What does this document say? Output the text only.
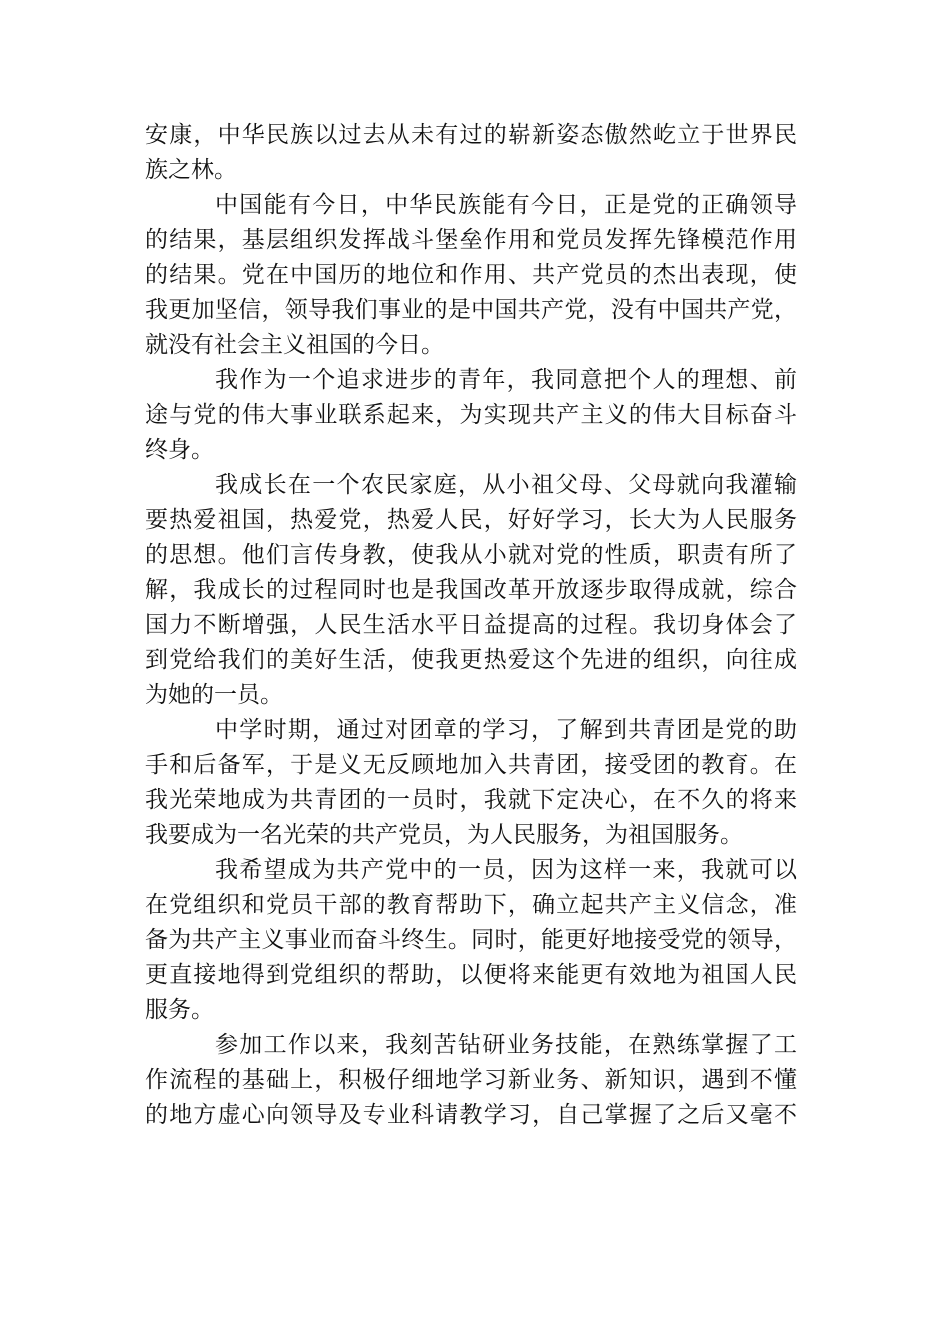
安康，中华民族以过去从未有过的崭新姿态傲然屹立于世界民
族之林。
中国能有今日，中华民族能有今日，正是党的正确领导
的结果，基层组织发挥战斗堡垒作用和党员发挥先锋模范作用
的结果。党在中国历的地位和作用、共产党员的杰出表现，使
我更加坚信，领导我们事业的是中国共产党，没有中国共产党，
就没有社会主义祖国的今日。
我作为一个追求进步的青年，我同意把个人的理想、前
途与党的伟大事业联系起来，为实现共产主义的伟大目标奋斗
终身。
我成长在一个农民家庭，从小祖父母、父母就向我灌输
要热爱祖国，热爱党，热爱人民，好好学习，长大为人民服务
的思想。他们言传身教，使我从小就对党的性质，职责有所了
解，我成长的过程同时也是我国改革开放逐步取得成就，综合
国力不断增强，人民生活水平日益提高的过程。我切身体会了
到党给我们的美好生活，使我更热爱这个先进的组织，向往成
为她的一员。
中学时期，通过对团章的学习，了解到共青团是党的助
手和后备军，于是义无反顾地加入共青团，接受团的教育。在
我光荣地成为共青团的一员时，我就下定决心，在不久的将来
我要成为一名光荣的共产党员，为人民服务，为祖国服务。
我希望成为共产党中的一员，因为这样一来，我就可以
在党组织和党员干部的教育帮助下，确立起共产主义信念，准
备为共产主义事业而奋斗终生。同时，能更好地接受党的领导，
更直接地得到党组织的帮助，以便将来能更有效地为祖国人民
服务。
参加工作以来，我刻苦钻研业务技能，在熟练掌握了工
作流程的基础上，积极仔细地学习新业务、新知识，遇到不懂
的地方虚心向领导及专业科请教学习，自己掌握了之后又毫不
